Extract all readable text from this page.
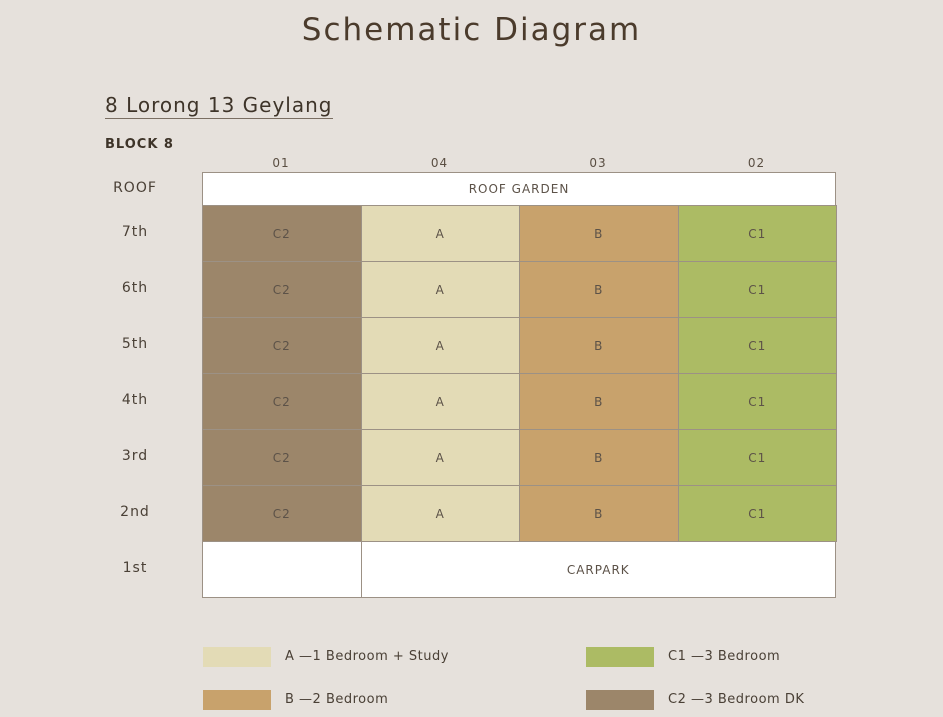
Schematic Diagram
8 Lorong 13 Geylang
BLOCK 8
01	04	03	02
ROOF	ROOF GARDEN
7th	C2	A	B	C1
6th	C2	A	B	C1
5th	C2	A	B	C1
4th	C2	A	B	C1
3rd	C2	A	B	C1
2nd	C2	A	B	C1
1st	CARPARK
A —1 Bedroom + Study	C1 —3 Bedroom
B —2 Bedroom	C2 —3 Bedroom DK
